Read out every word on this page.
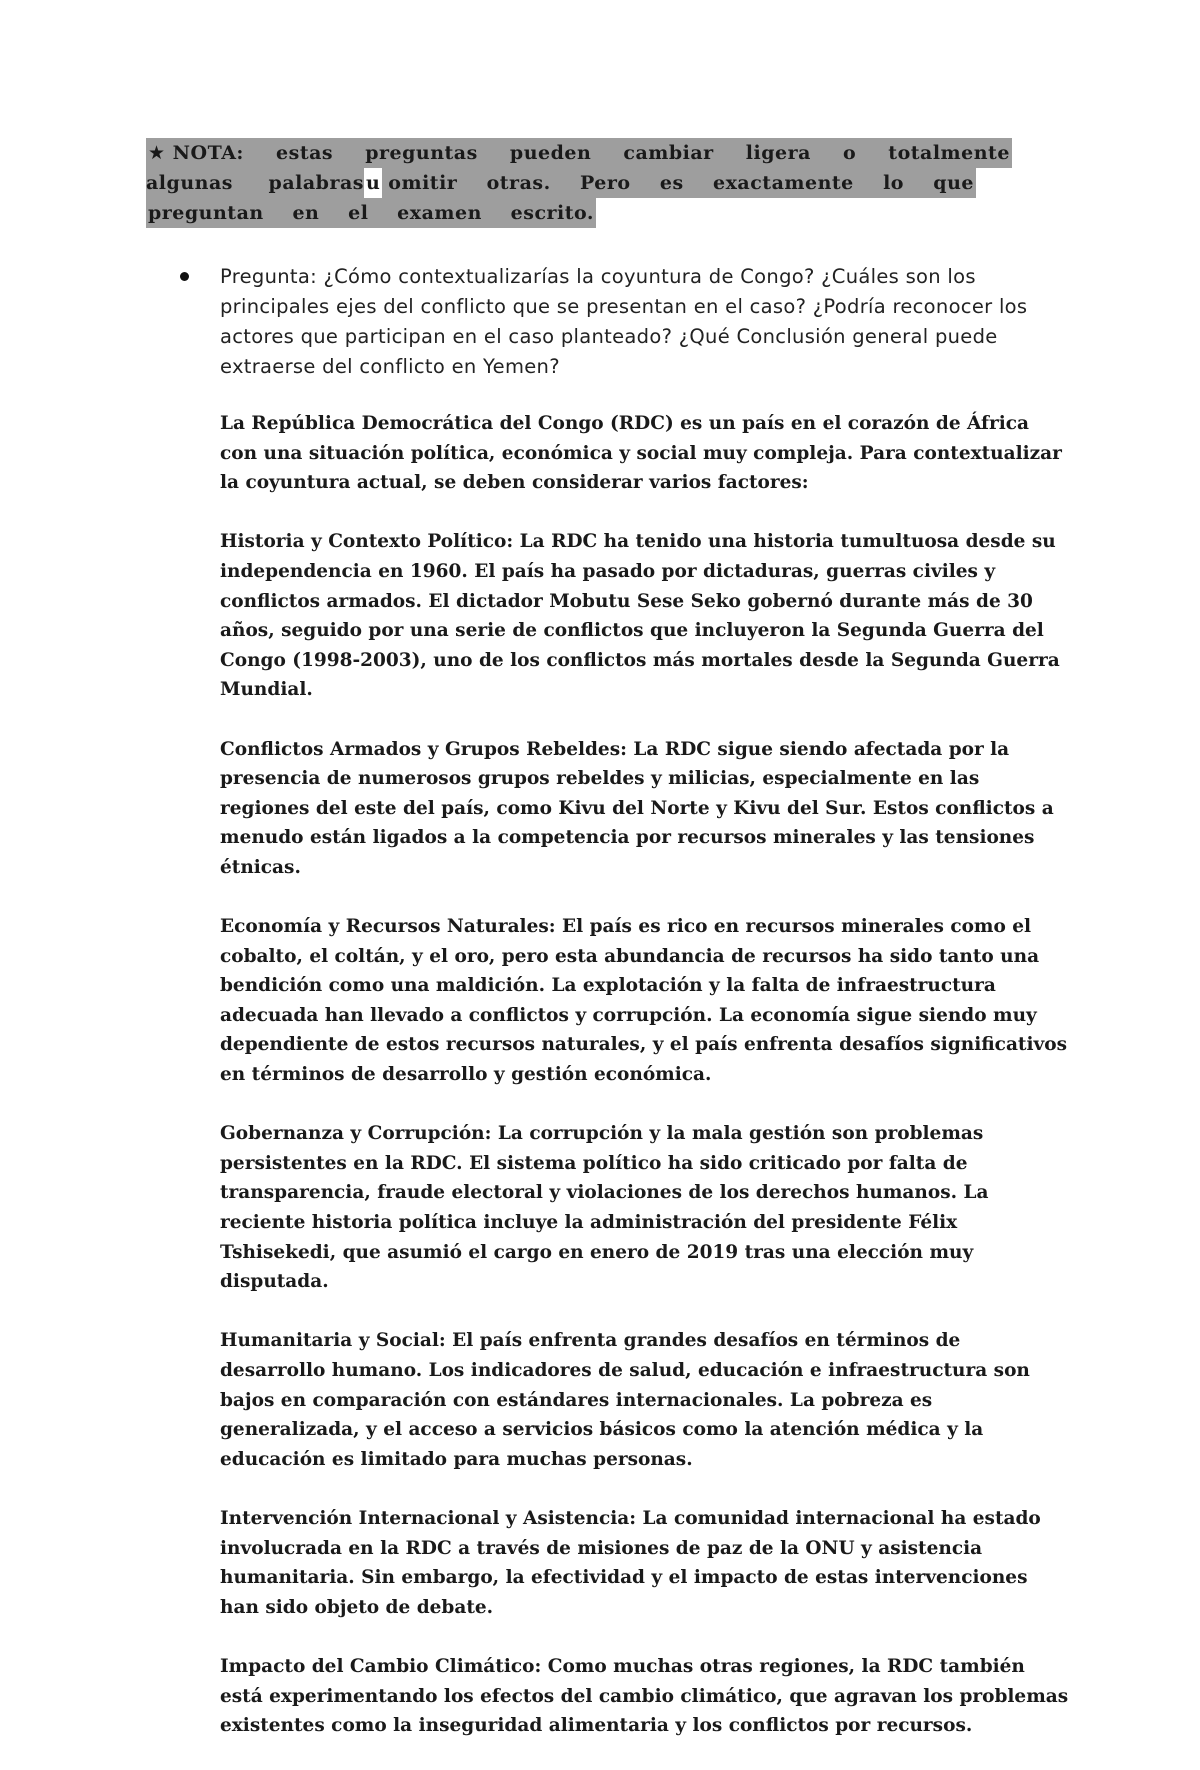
★ NOTA: estas preguntas pueden cambiar ligera o totalmente
algunas palabras u omitir otras. Pero es exactamente lo que
preguntan en el examen escrito.
Pregunta: ¿Cómo contextualizarías la coyuntura de Congo? ¿Cuáles son los principales ejes del conflicto que se presentan en el caso? ¿Podría reconocer los actores que participan en el caso planteado? ¿Qué Conclusión general puede extraerse del conflicto en Yemen?

La República Democrática del Congo (RDC) es un país en el corazón de África con una situación política, económica y social muy compleja. Para contextualizar la coyuntura actual, se deben considerar varios factores:

Historia y Contexto Político: La RDC ha tenido una historia tumultuosa desde su independencia en 1960. El país ha pasado por dictaduras, guerras civiles y conflictos armados. El dictador Mobutu Sese Seko gobernó durante más de 30 años, seguido por una serie de conflictos que incluyeron la Segunda Guerra del Congo (1998-2003), uno de los conflictos más mortales desde la Segunda Guerra Mundial.

Conflictos Armados y Grupos Rebeldes: La RDC sigue siendo afectada por la presencia de numerosos grupos rebeldes y milicias, especialmente en las regiones del este del país, como Kivu del Norte y Kivu del Sur. Estos conflictos a menudo están ligados a la competencia por recursos minerales y las tensiones étnicas.

Economía y Recursos Naturales: El país es rico en recursos minerales como el cobalto, el coltán, y el oro, pero esta abundancia de recursos ha sido tanto una bendición como una maldición. La explotación y la falta de infraestructura adecuada han llevado a conflictos y corrupción. La economía sigue siendo muy dependiente de estos recursos naturales, y el país enfrenta desafíos significativos en términos de desarrollo y gestión económica.

Gobernanza y Corrupción: La corrupción y la mala gestión son problemas persistentes en la RDC. El sistema político ha sido criticado por falta de transparencia, fraude electoral y violaciones de los derechos humanos. La reciente historia política incluye la administración del presidente Félix Tshisekedi, que asumió el cargo en enero de 2019 tras una elección muy disputada.

Humanitaria y Social: El país enfrenta grandes desafíos en términos de desarrollo humano. Los indicadores de salud, educación e infraestructura son bajos en comparación con estándares internacionales. La pobreza es generalizada, y el acceso a servicios básicos como la atención médica y la educación es limitado para muchas personas.

Intervención Internacional y Asistencia: La comunidad internacional ha estado involucrada en la RDC a través de misiones de paz de la ONU y asistencia humanitaria. Sin embargo, la efectividad y el impacto de estas intervenciones han sido objeto de debate.

Impacto del Cambio Climático: Como muchas otras regiones, la RDC también está experimentando los efectos del cambio climático, que agravan los problemas existentes como la inseguridad alimentaria y los conflictos por recursos.
